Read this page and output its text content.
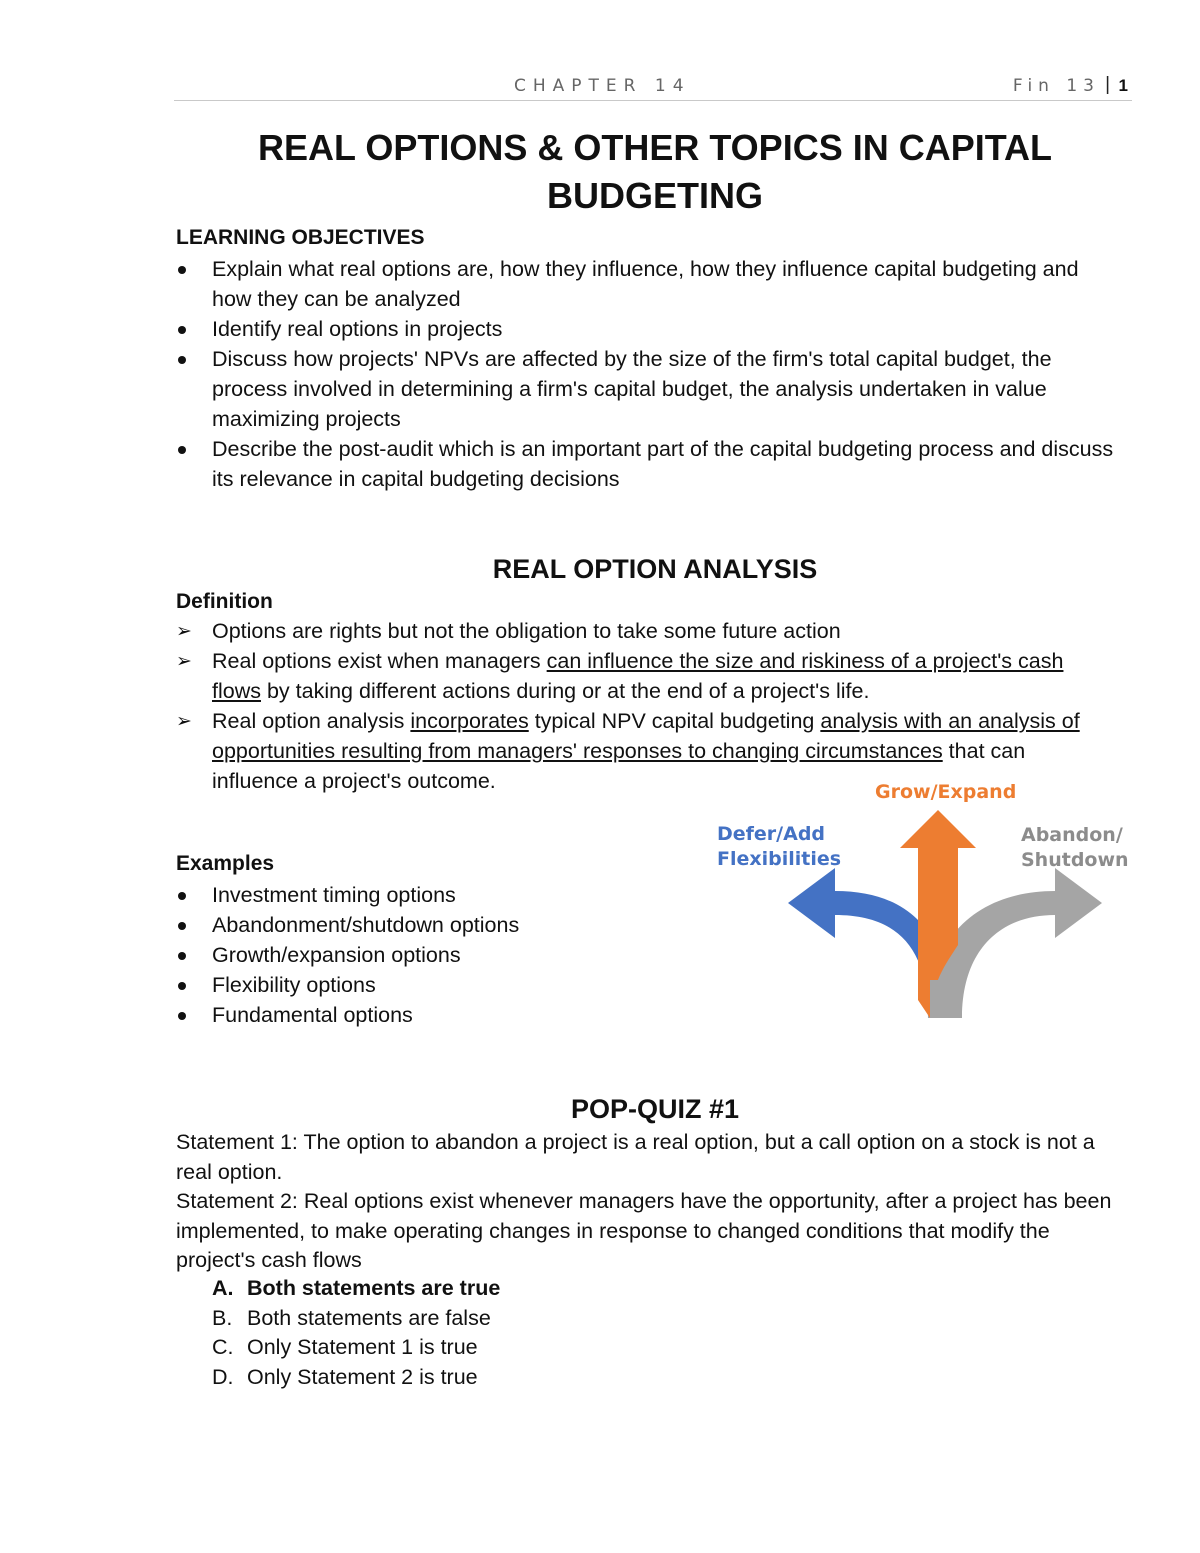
CHAPTER 14	Fin 13 | 1
REAL OPTIONS & OTHER TOPICS IN CAPITAL BUDGETING
LEARNING OBJECTIVES
Explain what real options are, how they influence, how they influence capital budgeting and how they can be analyzed
Identify real options in projects
Discuss how projects' NPVs are affected by the size of the firm's total capital budget, the process involved in determining a firm's capital budget, the analysis undertaken in value maximizing projects
Describe the post-audit which is an important part of the capital budgeting process and discuss its relevance in capital budgeting decisions
REAL OPTION ANALYSIS
Definition
➢ Options are rights but not the obligation to take some future action
➢ Real options exist when managers can influence the size and riskiness of a project's cash flows by taking different actions during or at the end of a project's life.
➢ Real option analysis incorporates typical NPV capital budgeting analysis with an analysis of opportunities resulting from managers' responses to changing circumstances that can influence a project's outcome.
Examples
Investment timing options
Abandonment/shutdown options
Growth/expansion options
Flexibility options
Fundamental options
Grow/Expand
Defer/Add
Flexibilities
Abandon/
Shutdown
POP-QUIZ #1
Statement 1: The option to abandon a project is a real option, but a call option on a stock is not a real option.
Statement 2: Real options exist whenever managers have the opportunity, after a project has been implemented, to make operating changes in response to changed conditions that modify the project's cash flows
A. Both statements are true
B. Both statements are false
C. Only Statement 1 is true
D. Only Statement 2 is true
